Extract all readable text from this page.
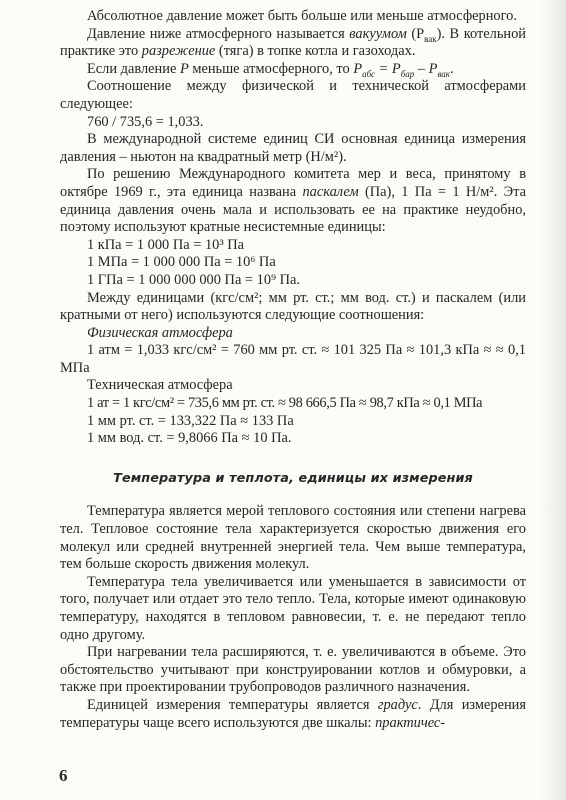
Абсолютное давление может быть больше или меньше атмосферного.

Давление ниже атмосферного называется вакуумом $(P_{вак})$. В котельной практике это разрежение (тяга) в топке котла и газоходах.

Если давление P меньше атмосферного, то $P_{абс} = P_{бар} - P_{вак}$.

Соотношение между физической и технической атмосферами следующее:

760 / 735,6 = 1,033.

В международной системе единиц СИ основная единица измерения давления – ньютон на квадратный метр (Н/м²).

По решению Международного комитета мер и веса, принятому в октябре 1969 г., эта единица названа паскалем (Па), 1 Па = 1 Н/м². Эта единица давления очень мала и использовать ее на практике неудобно, поэтому используют кратные несистемные единицы:

1 кПа = 1 000 Па = 10³ Па

1 МПа = 1 000 000 Па = 10⁶ Па

1 ГПа = 1 000 000 000 Па = 10⁹ Па.

Между единицами (кгс/см²; мм рт. ст.; мм вод. ст.) и паскалем (или кратными от него) используются следующие соотношения:

Физическая атмосфера

1 атм = 1,033 кгс/см² = 760 мм рт. ст. ≈ 101 325 Па ≈ 101,3 кПа ≈ ≈ 0,1 МПа

Техническая атмосфера

1 ат = 1 кгс/см² = 735,6 мм рт. ст. ≈ 98 666,5 Па ≈ 98,7 кПа ≈ 0,1 МПа

1 мм рт. ст. = 133,322 Па ≈ 133 Па

1 мм вод. ст. = 9,8066 Па ≈ 10 Па.

Температура и теплота, единицы их измерения

Температура является мерой теплового состояния или степени нагрева тел. Тепловое состояние тела характеризуется скоростью движения его молекул или средней внутренней энергией тела. Чем выше температура, тем больше скорость движения молекул.

Температура тела увеличивается или уменьшается в зависимости от того, получает или отдает это тело тепло. Тела, которые имеют одинаковую температуру, находятся в тепловом равновесии, т. е. не передают тепло одно другому.

При нагревании тела расширяются, т. е. увеличиваются в объеме. Это обстоятельство учитывают при конструировании котлов и обмуровки, а также при проектировании трубопроводов различного назначения.

Единицей измерения температуры является градус. Для измерения температуры чаще всего используются две шкалы: практичес-

6
